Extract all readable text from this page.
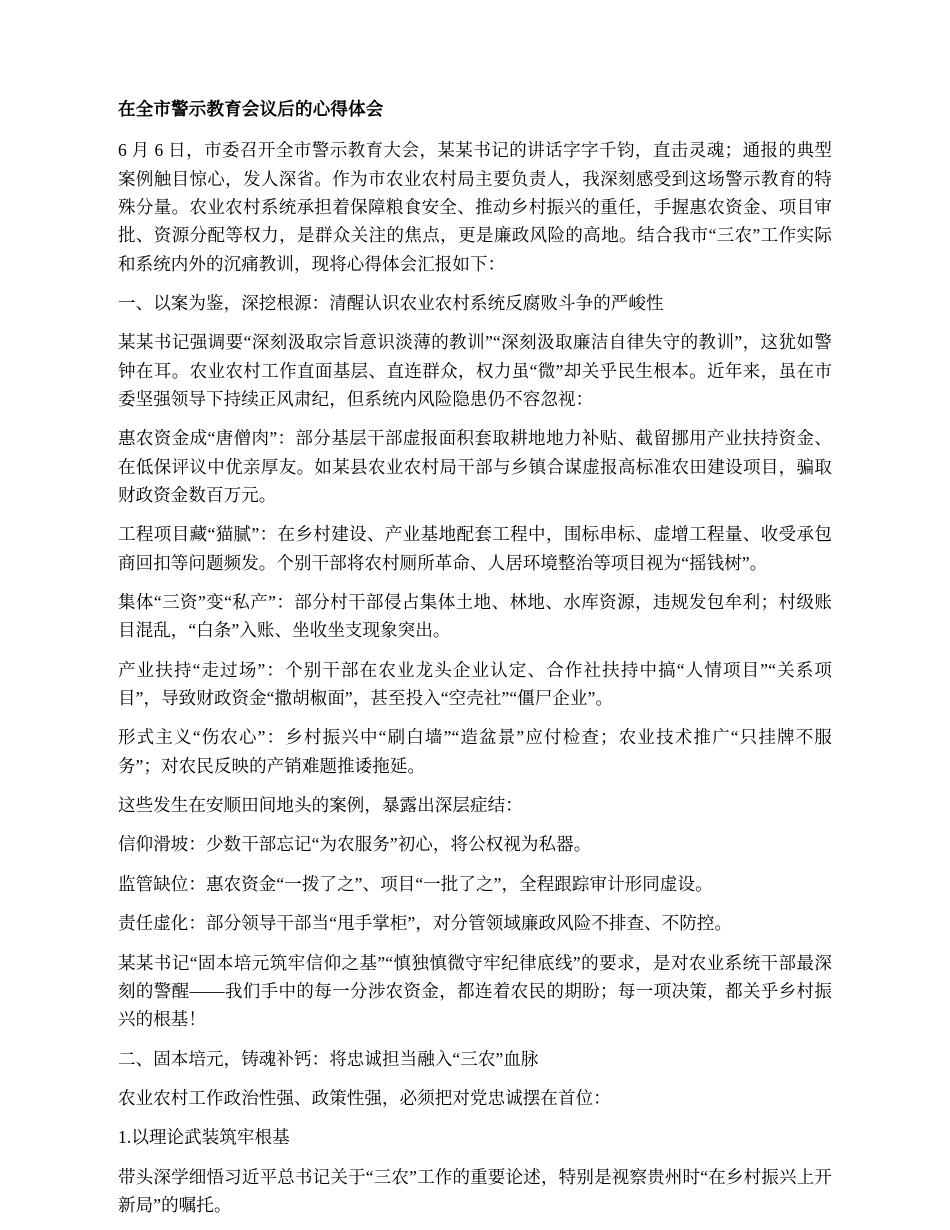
在全市警示教育会议后的心得体会

6 月 6 日，市委召开全市警示教育大会，某某书记的讲话字字千钧，直击灵魂；通报的典型案例触目惊心，发人深省。作为市农业农村局主要负责人，我深刻感受到这场警示教育的特殊分量。农业农村系统承担着保障粮食安全、推动乡村振兴的重任，手握惠农资金、项目审批、资源分配等权力，是群众关注的焦点，更是廉政风险的高地。结合我市“三农”工作实际和系统内外的沉痛教训，现将心得体会汇报如下：

一、以案为鉴，深挖根源：清醒认识农业农村系统反腐败斗争的严峻性

某某书记强调要“深刻汲取宗旨意识淡薄的教训”“深刻汲取廉洁自律失守的教训”，这犹如警钟在耳。农业农村工作直面基层、直连群众，权力虽“微”却关乎民生根本。近年来，虽在市委坚强领导下持续正风肃纪，但系统内风险隐患仍不容忽视：

惠农资金成“唐僧肉”：部分基层干部虚报面积套取耕地地力补贴、截留挪用产业扶持资金、在低保评议中优亲厚友。如某县农业农村局干部与乡镇合谋虚报高标准农田建设项目，骗取财政资金数百万元。

工程项目藏“猫腻”：在乡村建设、产业基地配套工程中，围标串标、虚增工程量、收受承包商回扣等问题频发。个别干部将农村厕所革命、人居环境整治等项目视为“摇钱树”。

集体“三资”变“私产”：部分村干部侵占集体土地、林地、水库资源，违规发包牟利；村级账目混乱，“白条”入账、坐收坐支现象突出。

产业扶持“走过场”：个别干部在农业龙头企业认定、合作社扶持中搞“人情项目”“关系项目”，导致财政资金“撒胡椒面”，甚至投入“空壳社”“僵尸企业”。

形式主义“伤农心”：乡村振兴中“刷白墙”“造盆景”应付检查；农业技术推广“只挂牌不服务”；对农民反映的产销难题推诿拖延。

这些发生在安顺田间地头的案例，暴露出深层症结：

信仰滑坡：少数干部忘记“为农服务”初心，将公权视为私器。

监管缺位：惠农资金“一拨了之”、项目“一批了之”，全程跟踪审计形同虚设。

责任虚化：部分领导干部当“甩手掌柜”，对分管领域廉政风险不排查、不防控。

某某书记“固本培元筑牢信仰之基”“慎独慎微守牢纪律底线”的要求，是对农业系统干部最深刻的警醒——我们手中的每一分涉农资金，都连着农民的期盼；每一项决策，都关乎乡村振兴的根基！

二、固本培元，铸魂补钙：将忠诚担当融入“三农”血脉

农业农村工作政治性强、政策性强，必须把对党忠诚摆在首位：

1.以理论武装筑牢根基

带头深学细悟习近平总书记关于“三农”工作的重要论述，特别是视察贵州时“在乡村振兴上开新局”的嘱托。
